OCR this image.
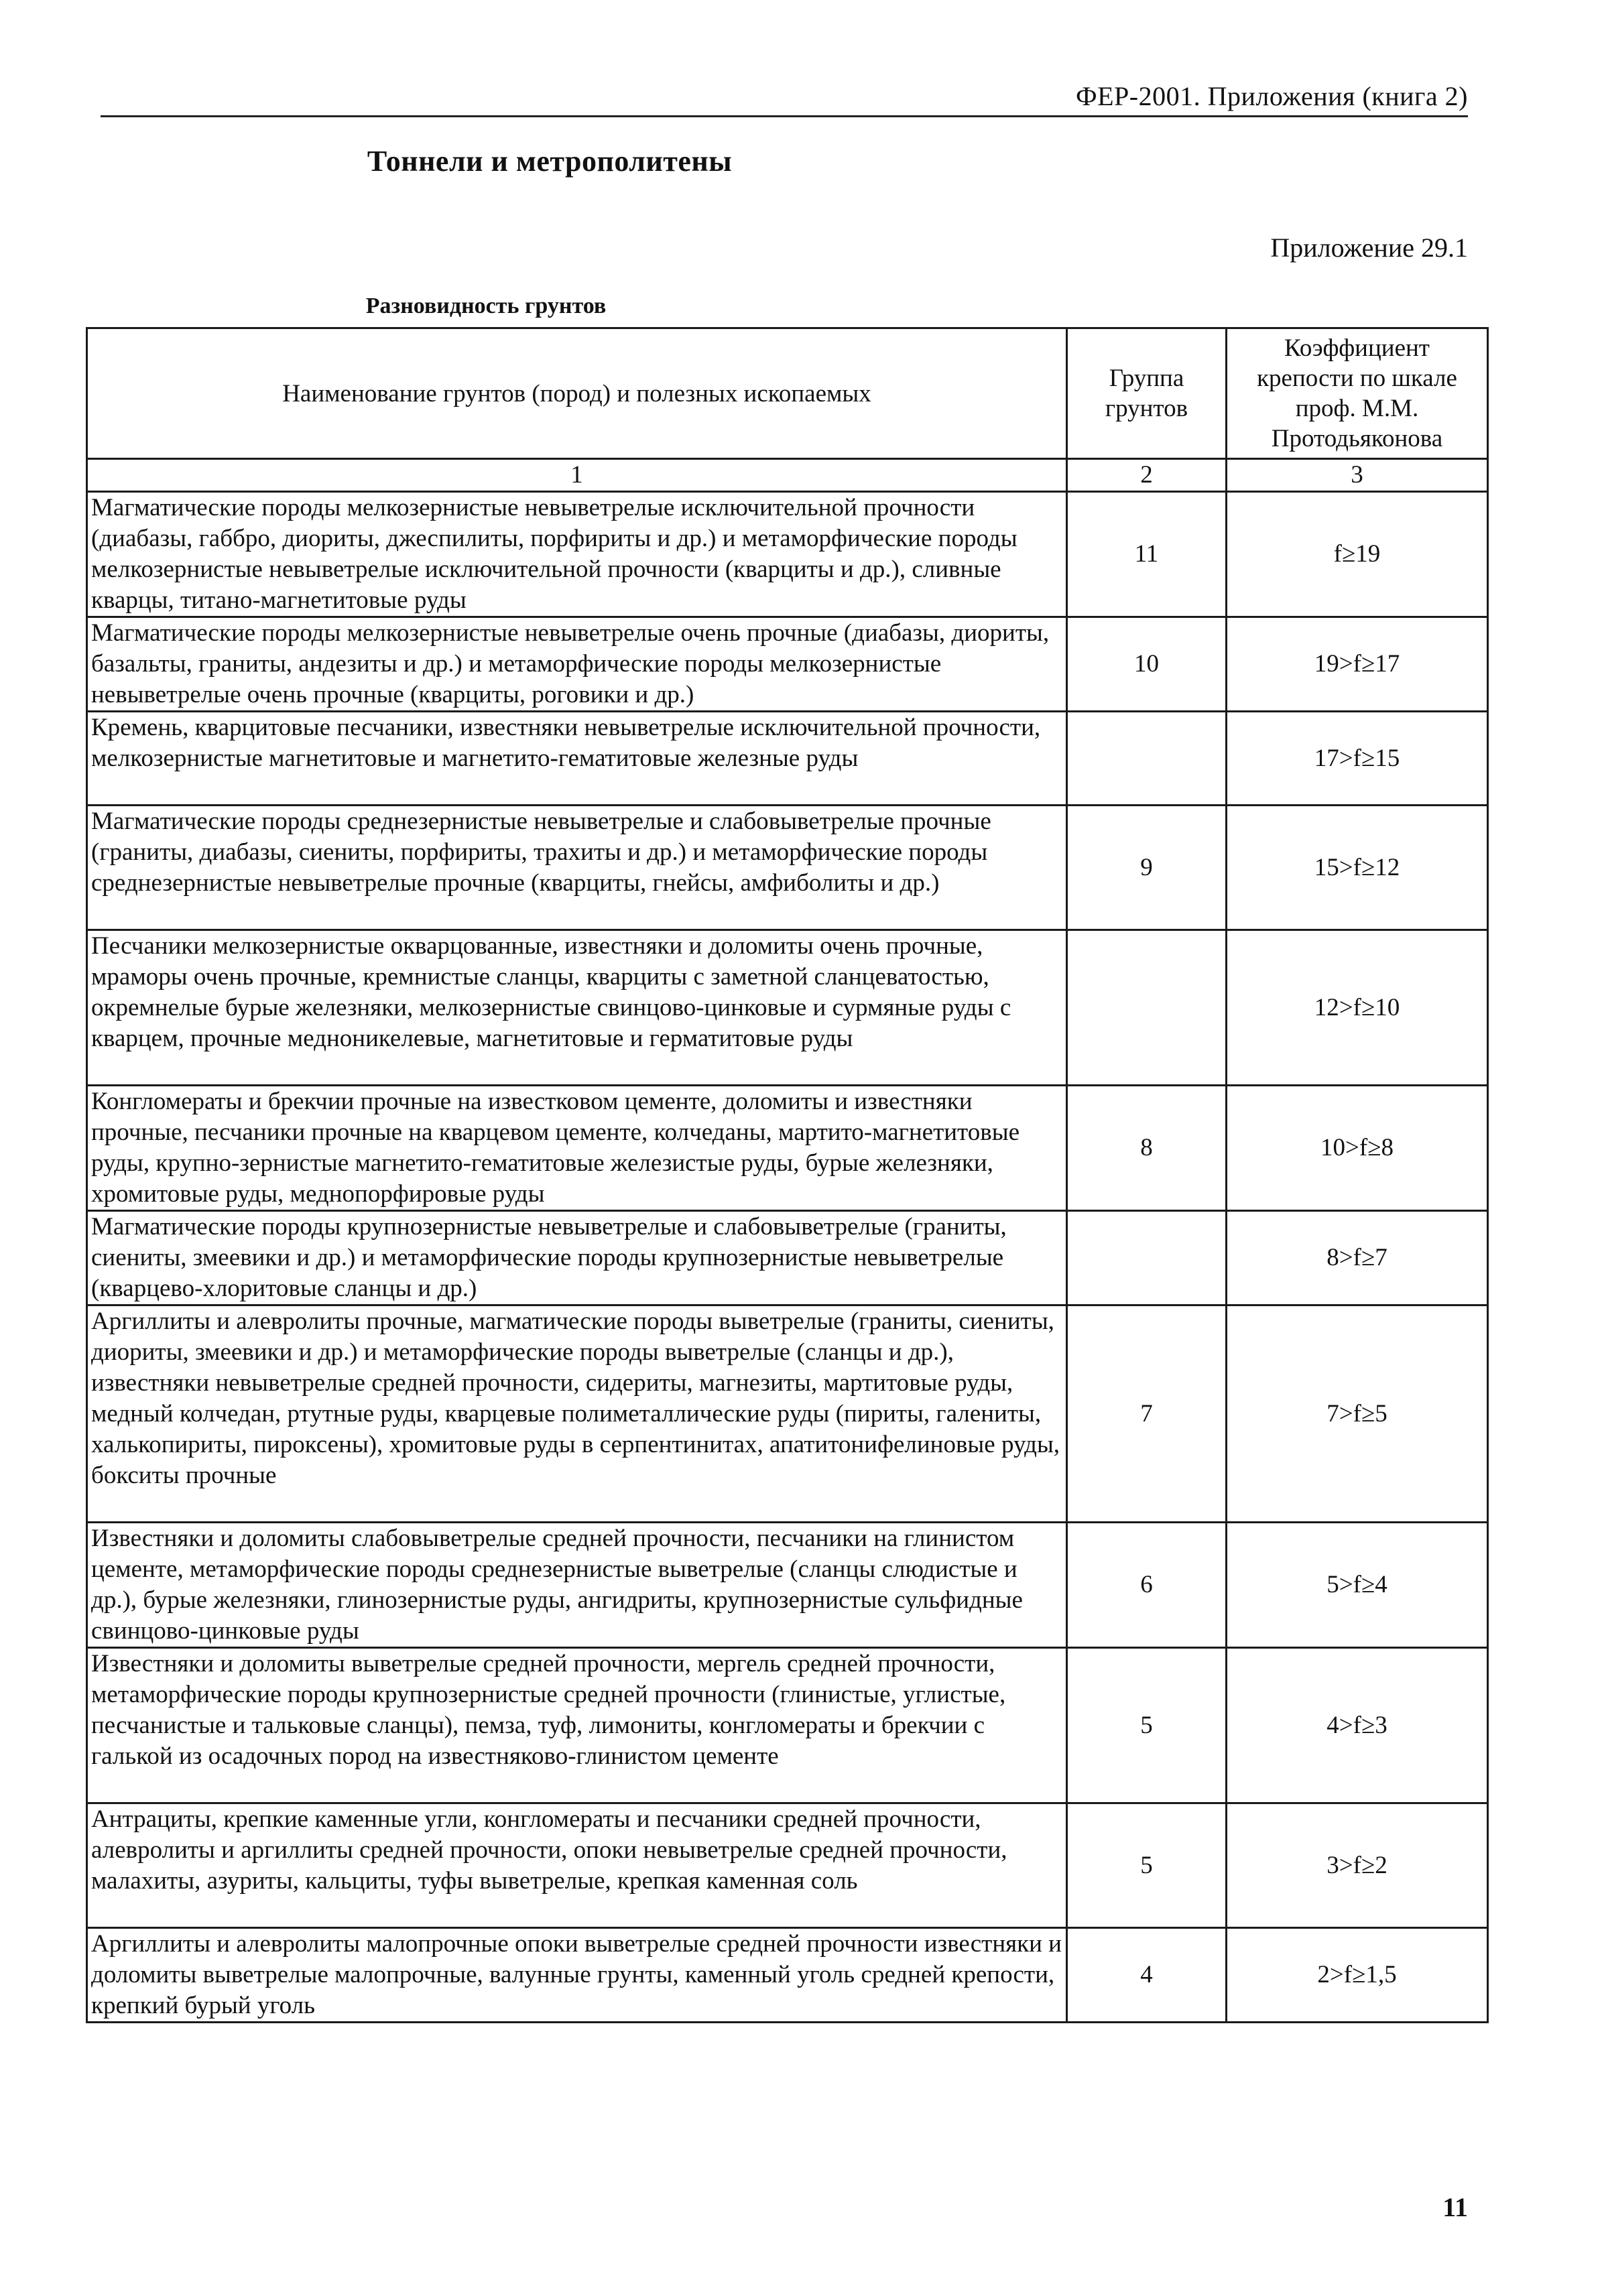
ФЕР-2001. Приложения (книга 2)
Тоннели и метрополитены
Приложение 29.1
Разновидность грунтов
Наименование грунтов (пород) и полезных ископаемых	Группа грунтов	Коэффициент крепости по шкале проф. М.М. Протодьяконова
1	2	3
Магматические породы мелкозернистые невыветрелые исключительной прочности (диабазы, габбро, диориты, джеспилиты, порфириты и др.) и метаморфические породы мелкозернистые невыветрелые исключительной прочности (кварциты и др.), сливные кварцы, титано-магнетитовые руды	11	f≥19
Магматические породы мелкозернистые невыветрелые очень прочные (диабазы, диориты, базальты, граниты, андезиты и др.) и метаморфические породы мелкозернистые невыветрелые очень прочные (кварциты, роговики и др.)	10	19>f≥17
Кремень, кварцитовые песчаники, известняки невыветрелые исключительной прочности, мелкозернистые магнетитовые и магнетито-гематитовые железные руды		17>f≥15
Магматические породы среднезернистые невыветрелые и слабовыветрелые прочные (граниты, диабазы, сиениты, порфириты, трахиты и др.) и метаморфические породы среднезернистые невыветрелые прочные (кварциты, гнейсы, амфиболиты и др.)	9	15>f≥12
Песчаники мелкозернистые окварцованные, известняки и доломиты очень прочные, мраморы очень прочные, кремнистые сланцы, кварциты с заметной сланцеватостью, окремнелые бурые железняки, мелкозернистые свинцово-цинковые и сурмяные руды с кварцем, прочные медноникелевые, магнетитовые и герматитовые руды		12>f≥10
Конгломераты и брекчии прочные на известковом цементе, доломиты и известняки прочные, песчаники прочные на кварцевом цементе, колчеданы, мартито-магнетитовые руды, крупно-зернистые магнетито-гематитовые железистые руды, бурые железняки, хромитовые руды, меднопорфировые руды	8	10>f≥8
Магматические породы крупнозернистые невыветрелые и слабовыветрелые (граниты, сиениты, змеевики и др.) и метаморфические породы крупнозернистые невыветрелые (кварцево-хлоритовые сланцы и др.)		8>f≥7
Аргиллиты и алевролиты прочные, магматические породы выветрелые (граниты, сиениты, диориты, змеевики и др.) и метаморфические породы выветрелые (сланцы и др.), известняки невыветрелые средней прочности, сидериты, магнезиты, мартитовые руды, медный колчедан, ртутные руды, кварцевые полиметаллические руды (пириты, галениты, халькопириты, пироксены), хромитовые руды в серпентинитах, апатитонифелиновые руды, бокситы прочные	7	7>f≥5
Известняки и доломиты слабовыветрелые средней прочности, песчаники на глинистом цементе, метаморфические породы среднезернистые выветрелые (сланцы слюдистые и др.), бурые железняки, глинозернистые руды, ангидриты, крупнозернистые сульфидные свинцово-цинковые руды	6	5>f≥4
Известняки и доломиты выветрелые средней прочности, мергель средней прочности, метаморфические породы крупнозернистые средней прочности (глинистые, углистые, песчанистые и тальковые сланцы), пемза, туф, лимониты, конгломераты и брекчии с галькой из осадочных пород на известняково-глинистом цементе	5	4>f≥3
Антрациты, крепкие каменные угли, конгломераты и песчаники средней прочности, алевролиты и аргиллиты средней прочности, опоки невыветрелые средней прочности, малахиты, азуриты, кальциты, туфы выветрелые, крепкая каменная соль	5	3>f≥2
Аргиллиты и алевролиты малопрочные опоки выветрелые средней прочности известняки и доломиты выветрелые малопрочные, валунные грунты, каменный уголь средней крепости, крепкий бурый уголь	4	2>f≥1,5
11
